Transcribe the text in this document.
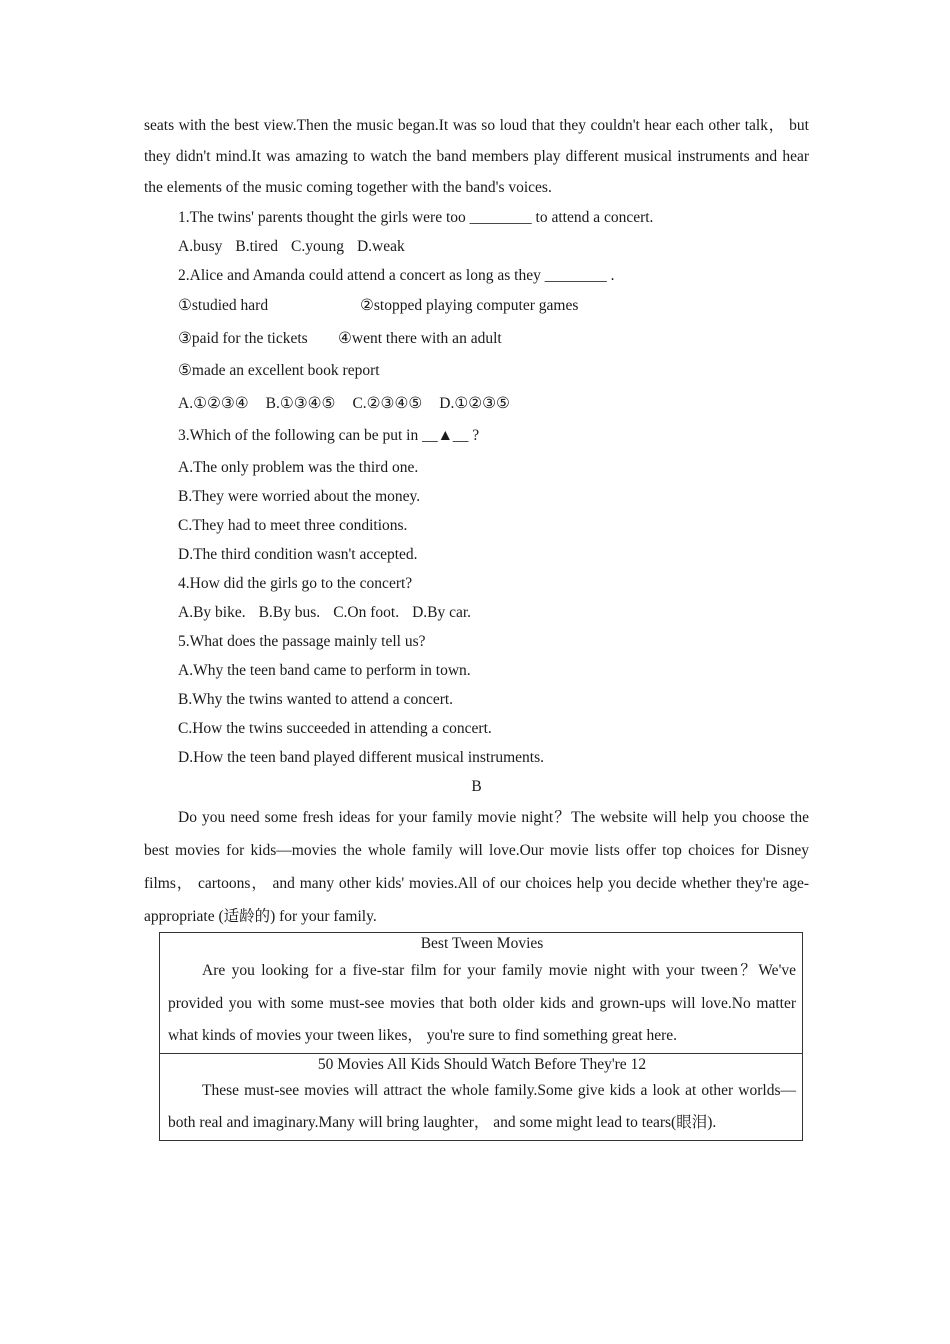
seats with the best view.Then the music began.It was so loud that they couldn't hear each other talk， but they didn't mind.It was amazing to watch the band members play different musical instruments and hear the elements of the music coming together with the band's voices.

1.The twins' parents thought the girls were too ________ to attend a concert.

A.busy B.tired C.young D.weak

2.Alice and Amanda could attend a concert as long as they ________ .

①studied hard	②stopped playing computer games
③paid for the tickets	④went there with an adult
⑤made an excellent book report
A.①②③④ B.①③④⑤ C.②③④⑤ D.①②③⑤

3.Which of the following can be put in __▲__ ?

A.The only problem was the third one.

B.They were worried about the money.

C.They had to meet three conditions.

D.The third condition wasn't accepted.

4.How did the girls go to the concert?

A.By bike. B.By bus. C.On foot. D.By car.

5.What does the passage mainly tell us?

A.Why the teen band came to perform in town.

B.Why the twins wanted to attend a concert.

C.How the twins succeeded in attending a concert.

D.How the teen band played different musical instruments.

B

Do you need some fresh ideas for your family movie night？The website will help you choose the best movies for kids—movies the whole family will love.Our movie lists offer top choices for Disney films， cartoons， and many other kids' movies.All of our choices help you decide whether they're age-appropriate (适龄的) for your family.

Best Tween Movies

Are you looking for a five-star film for your family movie night with your tween？We've provided you with some must-see movies that both older kids and grown-ups will love.No matter what kinds of movies your tween likes， you're sure to find something great here.

50 Movies All Kids Should Watch Before They're 12

These must-see movies will attract the whole family.Some give kids a look at other worlds—both real and imaginary.Many will bring laughter， and some might lead to tears(眼泪).
